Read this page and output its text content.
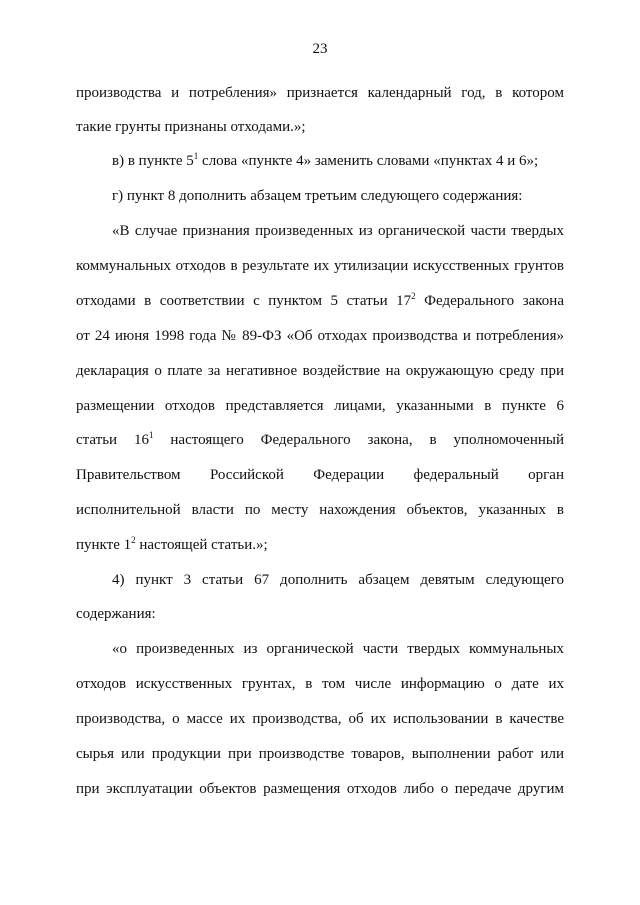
23
производства и потребления» признается календарный год, в котором
такие грунты признаны отходами.»;
в) в пункте $5^1$ слова «пункте 4» заменить словами «пунктах 4 и 6»;
г) пункт 8 дополнить абзацем третьим следующего содержания:
«В случае признания произведенных из органической части твердых
коммунальных отходов в результате их утилизации искусственных грунтов
отходами в соответствии с пунктом 5 статьи $17^2$ Федерального закона
от 24 июня 1998 года № 89-ФЗ «Об отходах производства и потребления»
декларация о плате за негативное воздействие на окружающую среду при
размещении отходов представляется лицами, указанными в пункте 6
статьи $16^1$ настоящего Федерального закона, в уполномоченный
Правительством Российской Федерации федеральный орган
исполнительной власти по месту нахождения объектов, указанных в
пункте $1^2$ настоящей статьи.»;
4) пункт 3 статьи 67 дополнить абзацем девятым следующего
содержания:
«о произведенных из органической части твердых коммунальных
отходов искусственных грунтах, в том числе информацию о дате их
производства, о массе их производства, об их использовании в качестве
сырья или продукции при производстве товаров, выполнении работ или
при эксплуатации объектов размещения отходов либо о передаче другим
